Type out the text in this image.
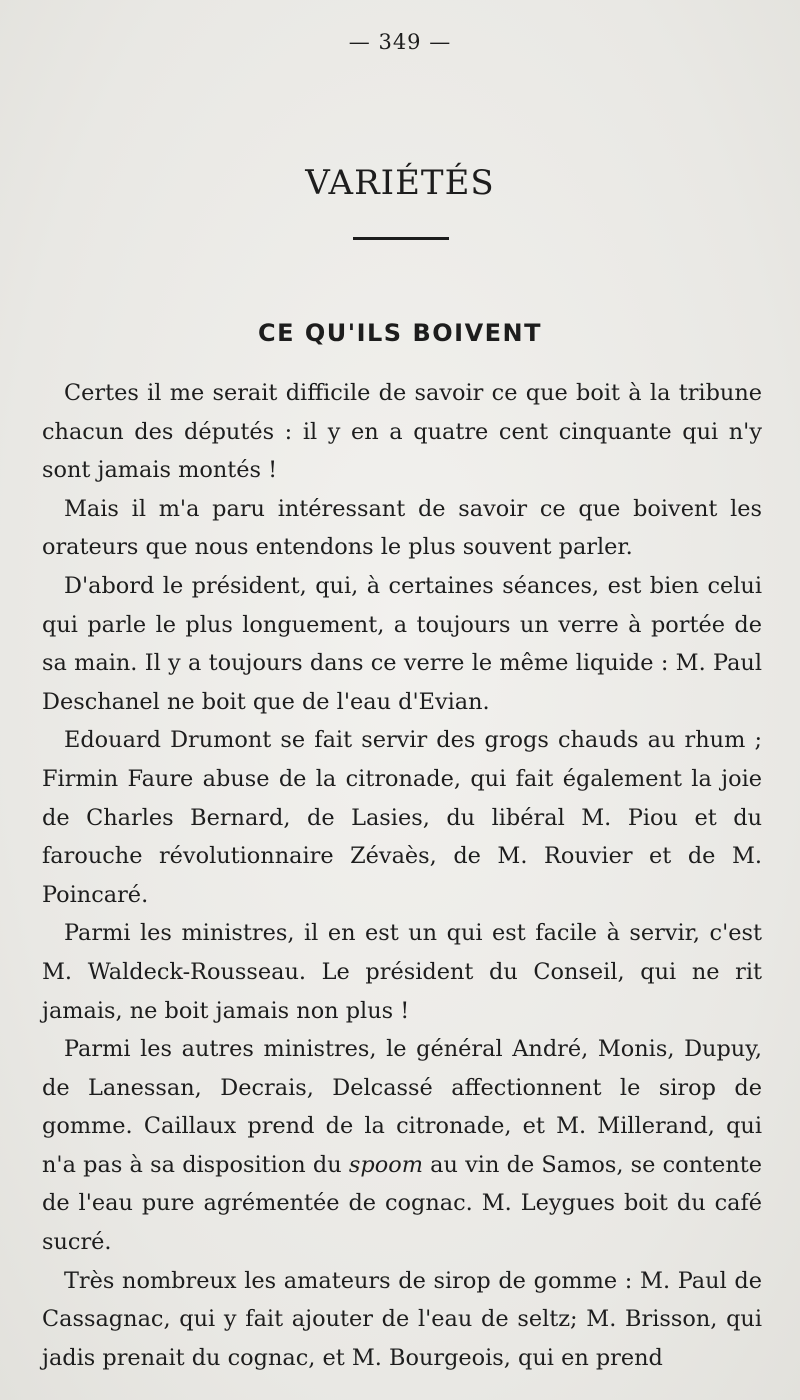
— 349 —
VARIÉTÉS
CE QU'ILS BOIVENT

Certes il me serait difficile de savoir ce que boit à la tribune chacun des députés : il y en a quatre cent cinquante qui n'y sont jamais montés !

Mais il m'a paru intéressant de savoir ce que boivent les orateurs que nous entendons le plus souvent parler.

D'abord le président, qui, à certaines séances, est bien celui qui parle le plus longuement, a toujours un verre à portée de sa main. Il y a toujours dans ce verre le même liquide : M. Paul Deschanel ne boit que de l'eau d'Evian.

Edouard Drumont se fait servir des grogs chauds au rhum ; Firmin Faure abuse de la citronade, qui fait également la joie de Charles Bernard, de Lasies, du libéral M. Piou et du farouche révolutionnaire Zévaès, de M. Rouvier et de M. Poincaré.

Parmi les ministres, il en est un qui est facile à servir, c'est M. Waldeck-Rousseau. Le président du Conseil, qui ne rit jamais, ne boit jamais non plus !

Parmi les autres ministres, le général André, Monis, Dupuy, de Lanessan, Decrais, Delcassé affectionnent le sirop de gomme. Caillaux prend de la citronade, et M. Millerand, qui n'a pas à sa disposition du spoom au vin de Samos, se contente de l'eau pure agrémentée de cognac. M. Leygues boit du café sucré.

Très nombreux les amateurs de sirop de gomme : M. Paul de Cassagnac, qui y fait ajouter de l'eau de seltz; M. Brisson, qui jadis prenait du cognac, et M. Bourgeois, qui en prend
